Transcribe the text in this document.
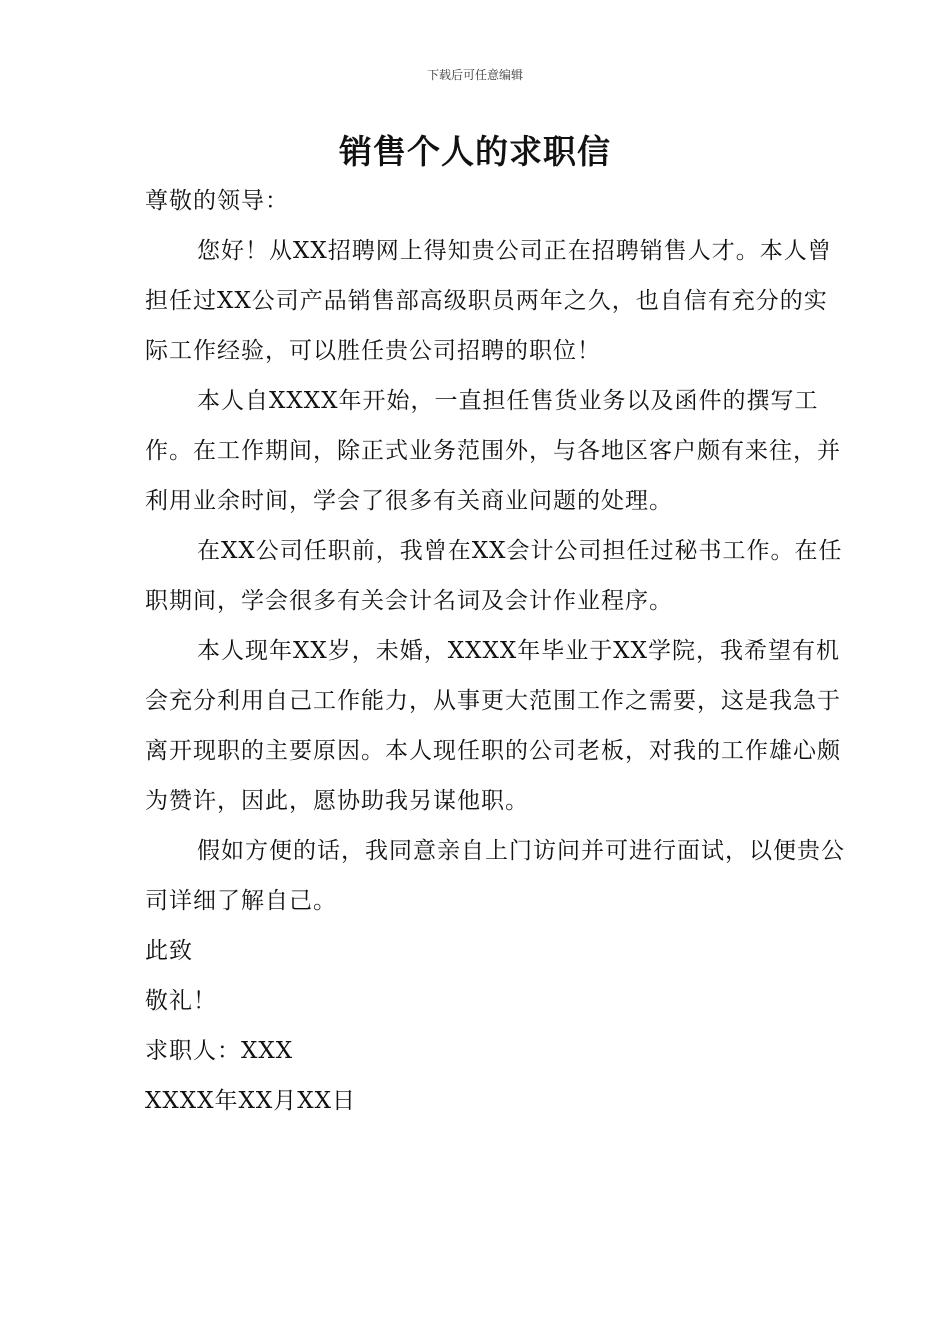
下载后可任意编辑
销售个人的求职信

尊敬的领导：

您好！从XX招聘网上得知贵公司正在招聘销售人才。本人曾担任过XX公司产品销售部高级职员两年之久，也自信有充分的实际工作经验，可以胜任贵公司招聘的职位！

本人自XXXX年开始，一直担任售货业务以及函件的撰写工作。在工作期间，除正式业务范围外，与各地区客户颇有来往，并利用业余时间，学会了很多有关商业问题的处理。

在XX公司任职前，我曾在XX会计公司担任过秘书工作。在任职期间，学会很多有关会计名词及会计作业程序。

本人现年XX岁，未婚，XXXX年毕业于XX学院，我希望有机会充分利用自己工作能力，从事更大范围工作之需要，这是我急于离开现职的主要原因。本人现任职的公司老板，对我的工作雄心颇为赞许，因此，愿协助我另谋他职。

假如方便的话，我同意亲自上门访问并可进行面试，以便贵公司详细了解自己。

此致

敬礼！

求职人：XXX

XXXX年XX月XX日
